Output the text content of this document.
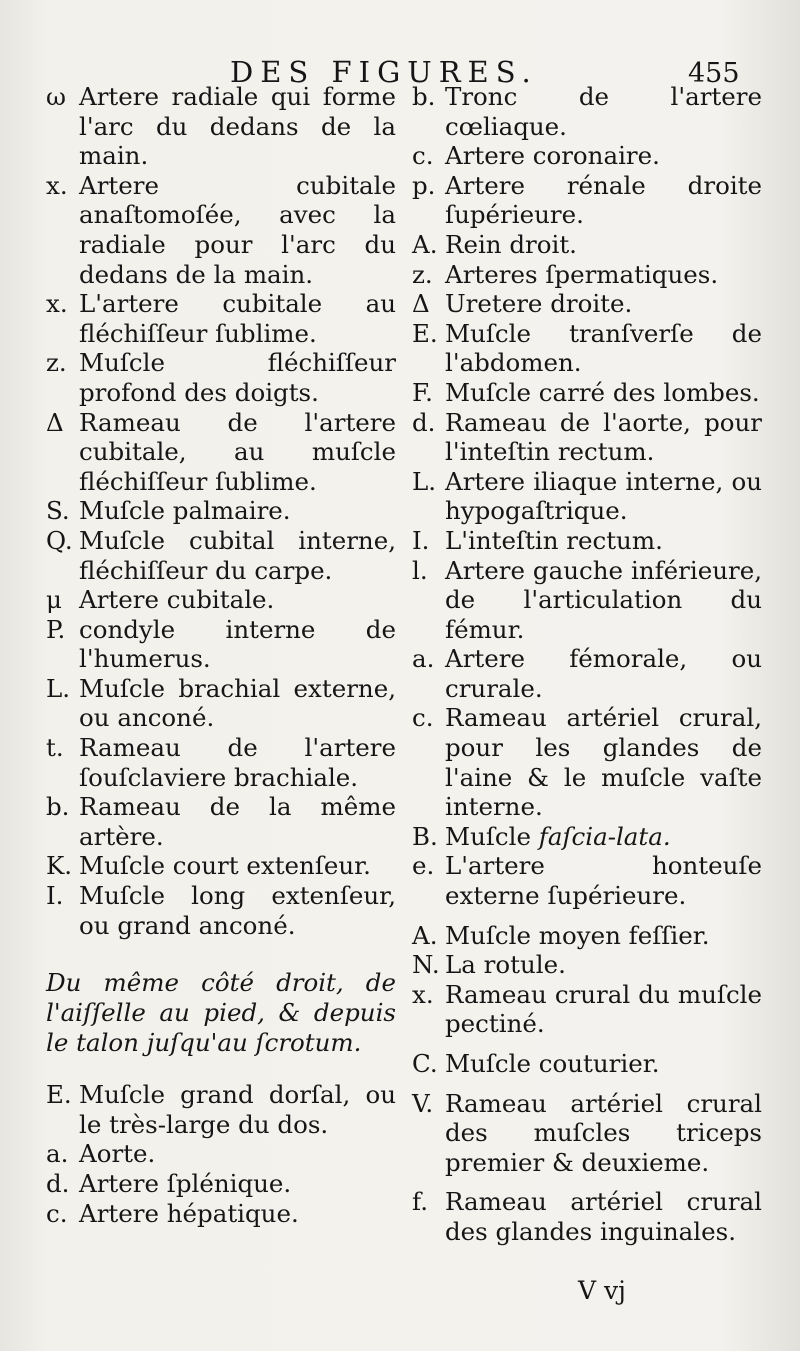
DES FIGURES.	455

ω Artere radiale qui forme l'arc du dedans de la main.

x. Artere cubitale anaſtomoſée, avec la radiale pour l'arc du dedans de la main.

x. L'artere cubitale au fléchiſſeur ſublime.

z. Muſcle fléchiſſeur profond des doigts.

Δ Rameau de l'artere cubitale, au muſcle fléchiſſeur ſublime.

S. Muſcle palmaire.

Q. Muſcle cubital interne, fléchiſſeur du carpe.

μ Artere cubitale.

P. condyle interne de l'humerus.

L. Muſcle brachial externe, ou anconé.

t. Rameau de l'artere ſouſclaviere brachiale.

b. Rameau de la même artère.

K. Muſcle court extenſeur.

I. Muſcle long extenſeur, ou grand anconé.

Du même côté droit, de l'aiſſelle au pied, & depuis le talon juſqu'au ſcrotum.

E. Muſcle grand dorſal, ou le très-large du dos.

a. Aorte.

d. Artere ſplénique.

c. Artere hépatique.

b. Tronc de l'artere cœliaque.

c. Artere coronaire.

p. Artere rénale droite ſupérieure.

A. Rein droit.

z. Arteres ſpermatiques.

Δ Uretere droite.

E. Muſcle tranſverſe de l'abdomen.

F. Muſcle carré des lombes.

d. Rameau de l'aorte, pour l'inteſtin rectum.

L. Artere iliaque interne, ou hypogaſtrique.

I. L'inteſtin rectum.

l. Artere gauche inférieure, de l'articulation du fémur.

a. Artere fémorale, ou crurale.

c. Rameau artériel crural, pour les glandes de l'aine & le muſcle vaſte interne.

B. Muſcle faſcia-lata.

e. L'artere honteuſe externe ſupérieure.

A. Muſcle moyen feſſier.

N. La rotule.

x. Rameau crural du muſcle pectiné.

C. Muſcle couturier.

V. Rameau artériel crural des muſcles triceps premier & deuxieme.

f. Rameau artériel crural des glandes inguinales.

V vj
